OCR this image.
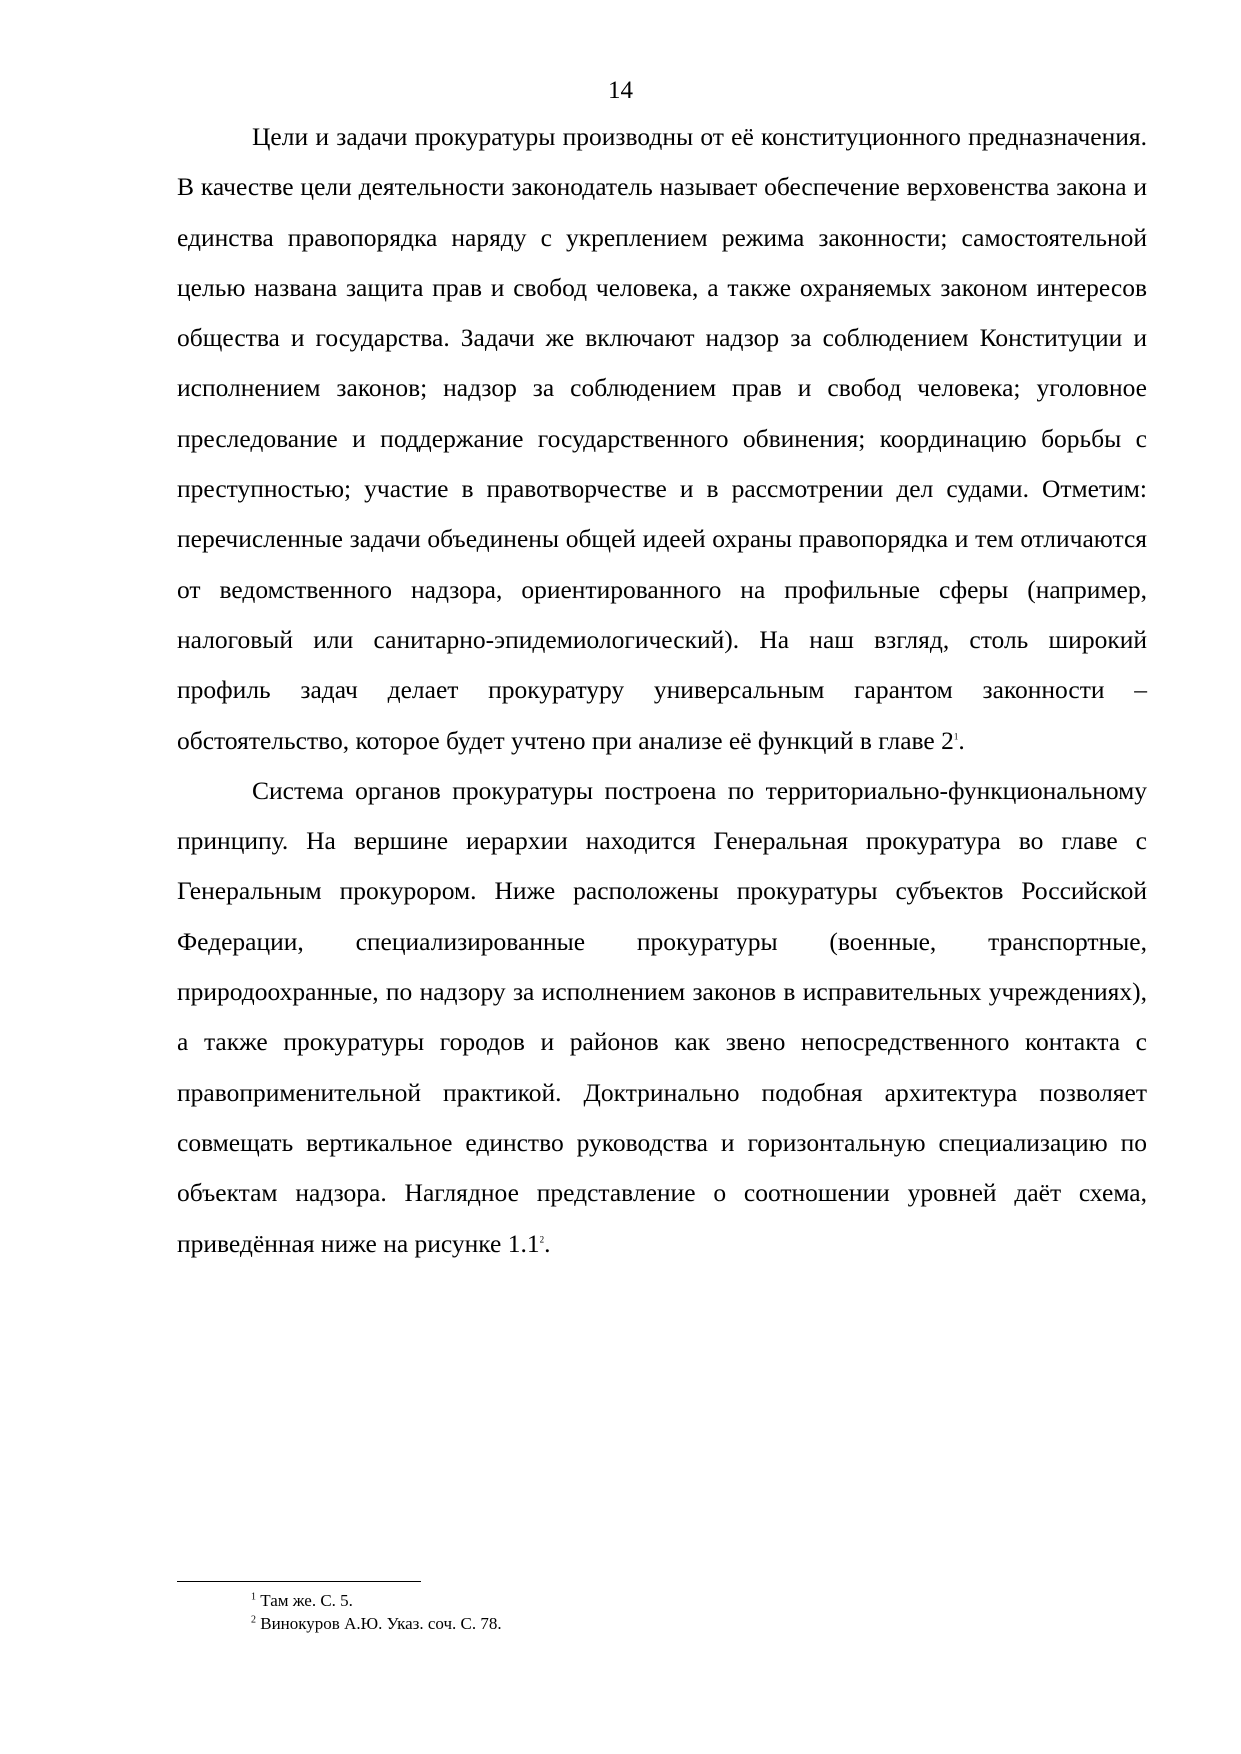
14

Цели и задачи прокуратуры производны от её конституционного предназначения. В качестве цели деятельности законодатель называет обеспечение верховенства закона и единства правопорядка наряду с укреплением режима законности; самостоятельной целью названа защита прав и свобод человека, а также охраняемых законом интересов общества и государства. Задачи же включают надзор за соблюдением Конституции и исполнением законов; надзор за соблюдением прав и свобод человека; уголовное преследование и поддержание государственного обвинения; координацию борьбы с преступностью; участие в правотворчестве и в рассмотрении дел судами. Отметим: перечисленные задачи объединены общей идеей охраны правопорядка и тем отличаются от ведомственного надзора, ориентированного на профильные сферы (например, налоговый или санитарно-эпидемиологический). На наш взгляд, столь широкий профиль задач делает прокуратуру универсальным гарантом законности – обстоятельство, которое будет учтено при анализе её функций в главе 2$^1$.

Система органов прокуратуры построена по территориально-функциональному принципу. На вершине иерархии находится Генеральная прокуратура во главе с Генеральным прокурором. Ниже расположены прокуратуры субъектов Российской Федерации, специализированные прокуратуры (военные, транспортные, природоохранные, по надзору за исполнением законов в исправительных учреждениях), а также прокуратуры городов и районов как звено непосредственного контакта с правоприменительной практикой. Доктринально подобная архитектура позволяет совмещать вертикальное единство руководства и горизонтальную специализацию по объектам надзора. Наглядное представление о соотношении уровней даёт схема, приведённая ниже на рисунке 1.1$^2$.

$^1$ Там же. С. 5.
$^2$ Винокуров А.Ю. Указ. соч. С. 78.
